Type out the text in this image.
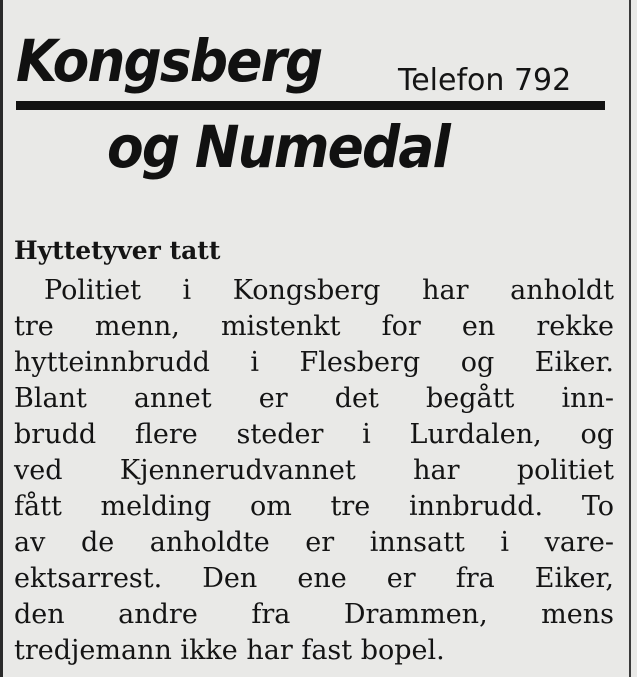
Kongsberg	Telefon 792
og Numedal
Hyttetyver tatt
Politiet i Kongsberg har anholdt
tre menn, mistenkt for en rekke
hytteinnbrudd i Flesberg og Eiker.
Blant annet er det begått inn-
brudd flere steder i Lurdalen, og
ved Kjennerudvannet har politiet
fått melding om tre innbrudd. To
av de anholdte er innsatt i vare-
ektsarrest. Den ene er fra Eiker,
den andre fra Drammen, mens
tredjemann ikke har fast bopel.
